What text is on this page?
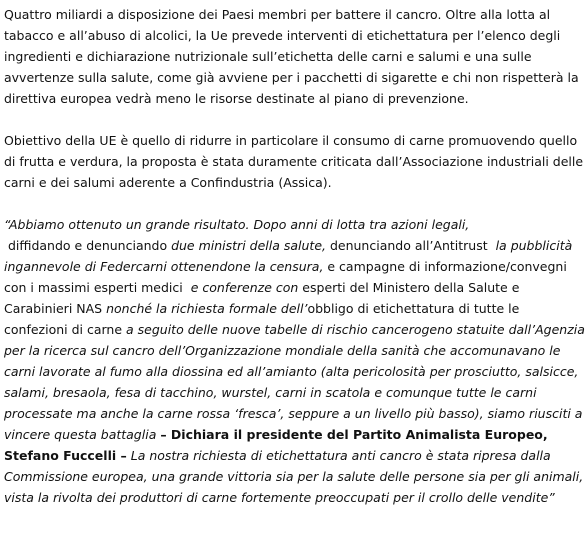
Quattro miliardi a disposizione dei Paesi membri per battere il cancro. Oltre alla lotta al
tabacco e all’abuso di alcolici, la Ue prevede interventi di etichettatura per l’elenco degli
ingredienti e dichiarazione nutrizionale sull’etichetta delle carni e salumi e una sulle
avvertenze sulla salute, come già avviene per i pacchetti di sigarette e chi non rispetterà la
direttiva europea vedrà meno le risorse destinate al piano di prevenzione.
Obiettivo della UE è quello di ridurre in particolare il consumo di carne promuovendo quello
di frutta e verdura, la proposta è stata duramente criticata dall’Associazione industriali delle
carni e dei salumi aderente a Confindustria (Assica).
“Abbiamo ottenuto un grande risultato. Dopo anni di lotta tra azioni legali,
diffidando e denunciando due ministri della salute, denunciando all’Antitrust  la pubblicità
ingannevole di Federcarni ottenendone la censura, e campagne di informazione/convegni
con i massimi esperti medici  e conferenze con esperti del Ministero della Salute e
Carabinieri NAS nonché la richiesta formale dell’obbligo di etichettatura di tutte le
confezioni di carne a seguito delle nuove tabelle di rischio cancerogeno statuite dall’Agenzia
per la ricerca sul cancro dell’Organizzazione mondiale della sanità che accomunavano le
carni lavorate al fumo alla diossina ed all’amianto (alta pericolosità per prosciutto, salsicce,
salami, bresaola, fesa di tacchino, wurstel, carni in scatola e comunque tutte le carni
processate ma anche la carne rossa ‘fresca’, seppure a un livello più basso), siamo riusciti a
vincere questa battaglia – Dichiara il presidente del Partito Animalista Europeo,
Stefano Fuccelli – La nostra richiesta di etichettatura anti cancro è stata ripresa dalla
Commissione europea, una grande vittoria sia per la salute delle persone sia per gli animali,
vista la rivolta dei produttori di carne fortemente preoccupati per il crollo delle vendite”
